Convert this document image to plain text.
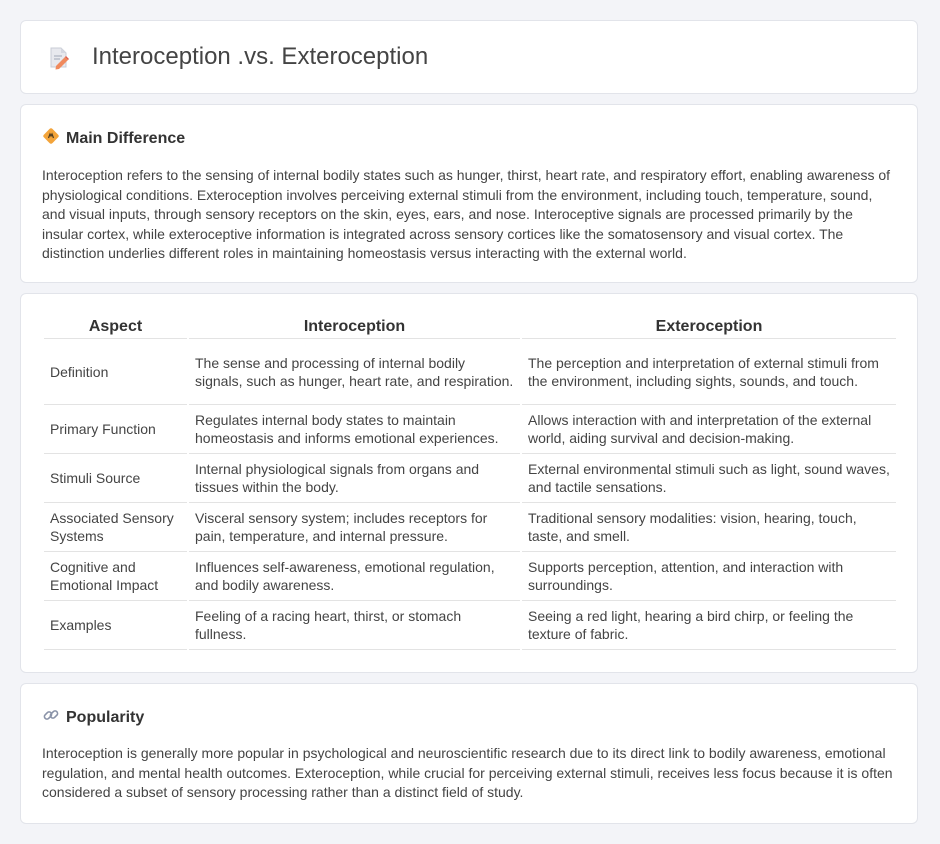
Interoception .vs. Exteroception
Main Difference

Interoception refers to the sensing of internal bodily states such as hunger, thirst, heart rate, and respiratory effort, enabling awareness of physiological conditions. Exteroception involves perceiving external stimuli from the environment, including touch, temperature, sound, and visual inputs, through sensory receptors on the skin, eyes, ears, and nose. Interoceptive signals are processed primarily by the insular cortex, while exteroceptive information is integrated across sensory cortices like the somatosensory and visual cortex. The distinction underlies different roles in maintaining homeostasis versus interacting with the external world.

Aspect	Interoception	Exteroception
Definition	The sense and processing of internal bodily signals, such as hunger, heart rate, and respiration.	The perception and interpretation of external stimuli from the environment, including sights, sounds, and touch.
Primary Function	Regulates internal body states to maintain homeostasis and informs emotional experiences.	Allows interaction with and interpretation of the external world, aiding survival and decision-making.
Stimuli Source	Internal physiological signals from organs and tissues within the body.	External environmental stimuli such as light, sound waves, and tactile sensations.
Associated Sensory Systems	Visceral sensory system; includes receptors for pain, temperature, and internal pressure.	Traditional sensory modalities: vision, hearing, touch, taste, and smell.
Cognitive and Emotional Impact	Influences self-awareness, emotional regulation, and bodily awareness.	Supports perception, attention, and interaction with surroundings.
Examples	Feeling of a racing heart, thirst, or stomach fullness.	Seeing a red light, hearing a bird chirp, or feeling the texture of fabric.
Popularity

Interoception is generally more popular in psychological and neuroscientific research due to its direct link to bodily awareness, emotional regulation, and mental health outcomes. Exteroception, while crucial for perceiving external stimuli, receives less focus because it is often considered a subset of sensory processing rather than a distinct field of study.
